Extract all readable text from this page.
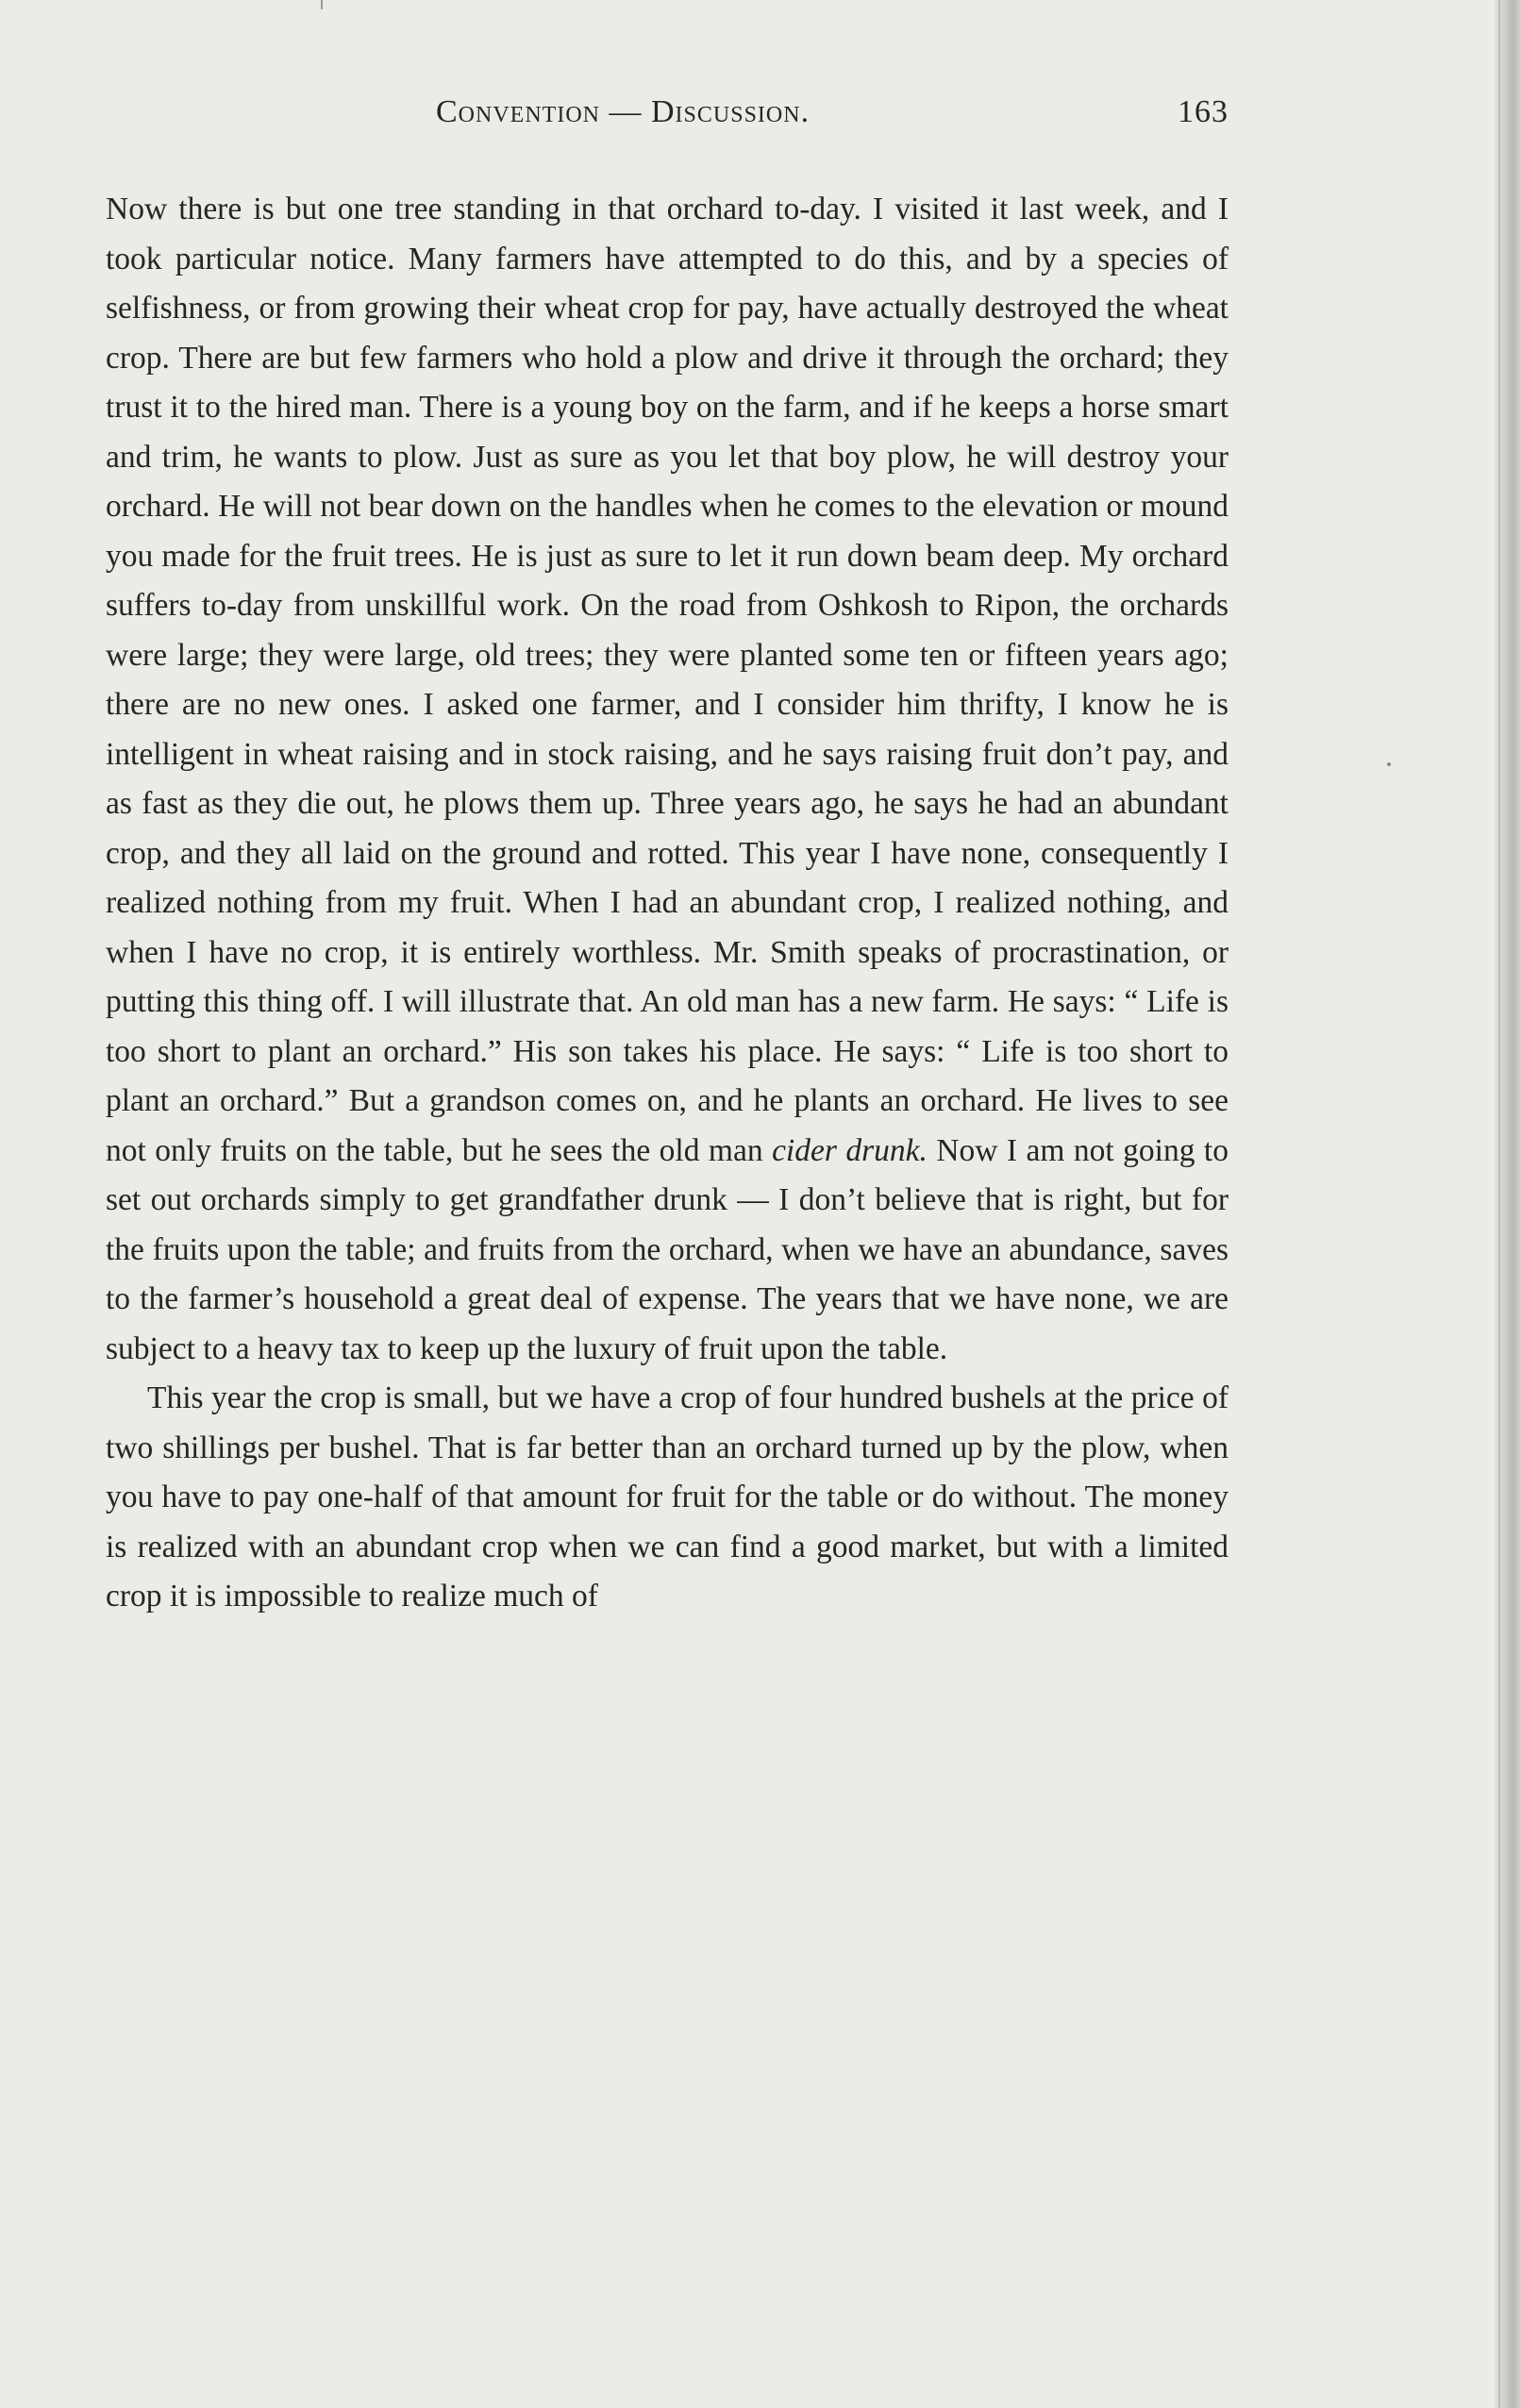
Convention — Discussion.	163

Now there is but one tree standing in that orchard to-day. I visited it last week, and I took particular notice. Many farmers have attempted to do this, and by a species of selfishness, or from growing their wheat crop for pay, have actually destroyed the wheat crop. There are but few farmers who hold a plow and drive it through the orchard; they trust it to the hired man. There is a young boy on the farm, and if he keeps a horse smart and trim, he wants to plow. Just as sure as you let that boy plow, he will destroy your orchard. He will not bear down on the handles when he comes to the elevation or mound you made for the fruit trees. He is just as sure to let it run down beam deep. My orchard suffers to-day from unskillful work. On the road from Oshkosh to Ripon, the orchards were large; they were large, old trees; they were planted some ten or fifteen years ago; there are no new ones. I asked one farmer, and I consider him thrifty, I know he is intelligent in wheat raising and in stock raising, and he says raising fruit don’t pay, and as fast as they die out, he plows them up. Three years ago, he says he had an abundant crop, and they all laid on the ground and rotted. This year I have none, consequently I realized nothing from my fruit. When I had an abundant crop, I realized nothing, and when I have no crop, it is entirely worthless. Mr. Smith speaks of procrastination, or putting this thing off. I will illustrate that. An old man has a new farm. He says: “ Life is too short to plant an orchard.” His son takes his place. He says: “ Life is too short to plant an orchard.” But a grandson comes on, and he plants an orchard. He lives to see not only fruits on the table, but he sees the old man cider drunk. Now I am not going to set out orchards simply to get grandfather drunk — I don’t believe that is right, but for the fruits upon the table; and fruits from the orchard, when we have an abundance, saves to the farmer’s household a great deal of expense. The years that we have none, we are subject to a heavy tax to keep up the luxury of fruit upon the table.

This year the crop is small, but we have a crop of four hundred bushels at the price of two shillings per bushel. That is far better than an orchard turned up by the plow, when you have to pay one-half of that amount for fruit for the table or do without. The money is realized with an abundant crop when we can find a good market, but with a limited crop it is impossible to realize much of
